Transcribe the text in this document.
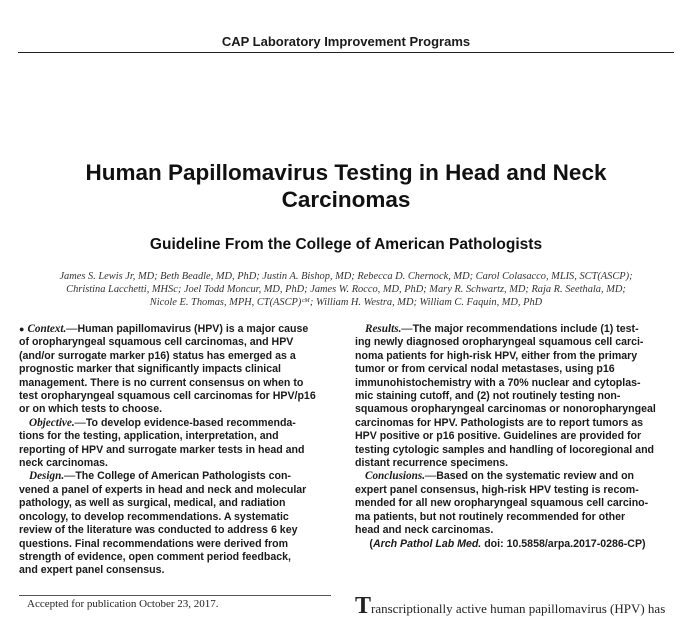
CAP Laboratory Improvement Programs
Human Papillomavirus Testing in Head and Neck
Carcinomas
Guideline From the College of American Pathologists
James S. Lewis Jr, MD; Beth Beadle, MD, PhD; Justin A. Bishop, MD; Rebecca D. Chernock, MD; Carol Colasacco, MLIS, SCT(ASCP);
Christina Lacchetti, MHSc; Joel Todd Moncur, MD, PhD; James W. Rocco, MD, PhD; Mary R. Schwartz, MD; Raja R. Seethala, MD;
Nicole E. Thomas, MPH, CT(ASCP)ᶜᴹ; William H. Westra, MD; William C. Faquin, MD, PhD
● Context.—Human papillomavirus (HPV) is a major cause
of oropharyngeal squamous cell carcinomas, and HPV
(and/or surrogate marker p16) status has emerged as a
prognostic marker that significantly impacts clinical
management. There is no current consensus on when to
test oropharyngeal squamous cell carcinomas for HPV/p16
or on which tests to choose.
Objective.—To develop evidence-based recommenda-
tions for the testing, application, interpretation, and
reporting of HPV and surrogate marker tests in head and
neck carcinomas.
Design.—The College of American Pathologists con-
vened a panel of experts in head and neck and molecular
pathology, as well as surgical, medical, and radiation
oncology, to develop recommendations. A systematic
review of the literature was conducted to address 6 key
questions. Final recommendations were derived from
strength of evidence, open comment period feedback,
and expert panel consensus.
Results.—The major recommendations include (1) test-
ing newly diagnosed oropharyngeal squamous cell carci-
noma patients for high-risk HPV, either from the primary
tumor or from cervical nodal metastases, using p16
immunohistochemistry with a 70% nuclear and cytoplas-
mic staining cutoff, and (2) not routinely testing non-
squamous oropharyngeal carcinomas or nonoropharyngeal
carcinomas for HPV. Pathologists are to report tumors as
HPV positive or p16 positive. Guidelines are provided for
testing cytologic samples and handling of locoregional and
distant recurrence specimens.
Conclusions.—Based on the systematic review and on
expert panel consensus, high-risk HPV testing is recom-
mended for all new oropharyngeal squamous cell carcino-
ma patients, but not routinely recommended for other
head and neck carcinomas.
(Arch Pathol Lab Med. doi: 10.5858/arpa.2017-0286-CP)
Accepted for publication October 23, 2017.	Transcriptionally active human papillomavirus (HPV) has
